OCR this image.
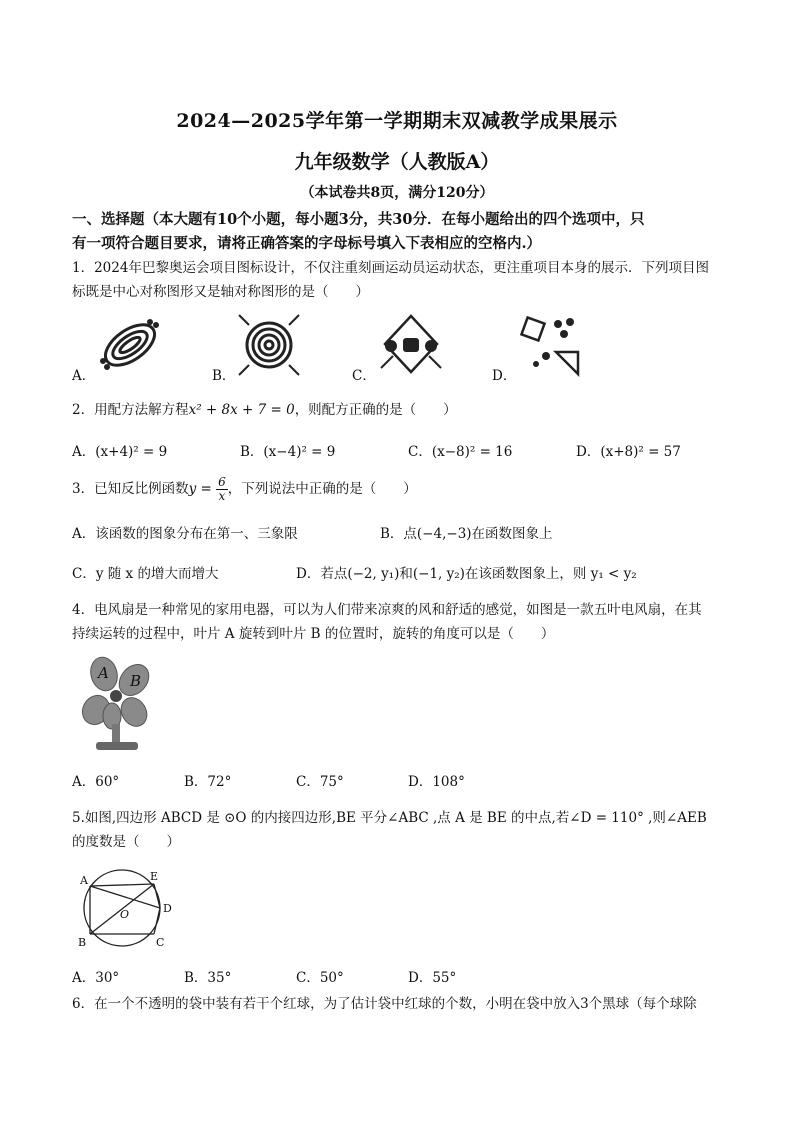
2024—2025学年第一学期期末双减教学成果展示
九年级数学（人教版A）
（本试卷共8页，满分120分）
一、选择题（本大题有10个小题，每小题3分，共30分．在每小题给出的四个选项中，只
有一项符合题目要求，请将正确答案的字母标号填入下表相应的空格内.）
1．2024年巴黎奥运会项目图标设计，不仅注重刻画运动员运动状态，更注重项目本身的展示．下列项目图
标既是中心对称图形又是轴对称图形的是（　　）
A．	B．	C．	D．
2．用配方法解方程x² + 8x + 7 = 0，则配方正确的是（　　）
A．(x+4)² = 9	B．(x−4)² = 9	C．(x−8)² = 16	D．(x+8)² = 57
3．已知反比例函数$y = \frac{6}{x}$ ，下列说法中正确的是（　　）
A．该函数的图象分布在第一、三象限	B．点(−4,−3)在函数图象上
C．y 随 x 的增大而增大	D．若点(−2, y₁)和(−1, y₂)在该函数图象上，则 y₁ < y₂
4．电风扇是一种常见的家用电器，可以为人们带来凉爽的风和舒适的感觉，如图是一款五叶电风扇，在其
持续运转的过程中，叶片 A 旋转到叶片 B 的位置时，旋转的角度可以是（　　）
A B
A．60°	B．72°	C．75°	D．108°
5.如图,四边形 ABCD 是 ⊙O 的内接四边形,BE 平分∠ABC ,点 A 是 BE 的中点,若∠D = 110° ,则∠AEB
的度数是（　　）
A	E
D
C
B
O
A．30°	B．35°	C．50°	D．55°
6．在一个不透明的袋中装有若干个红球，为了估计袋中红球的个数，小明在袋中放入3个黑球（每个球除
